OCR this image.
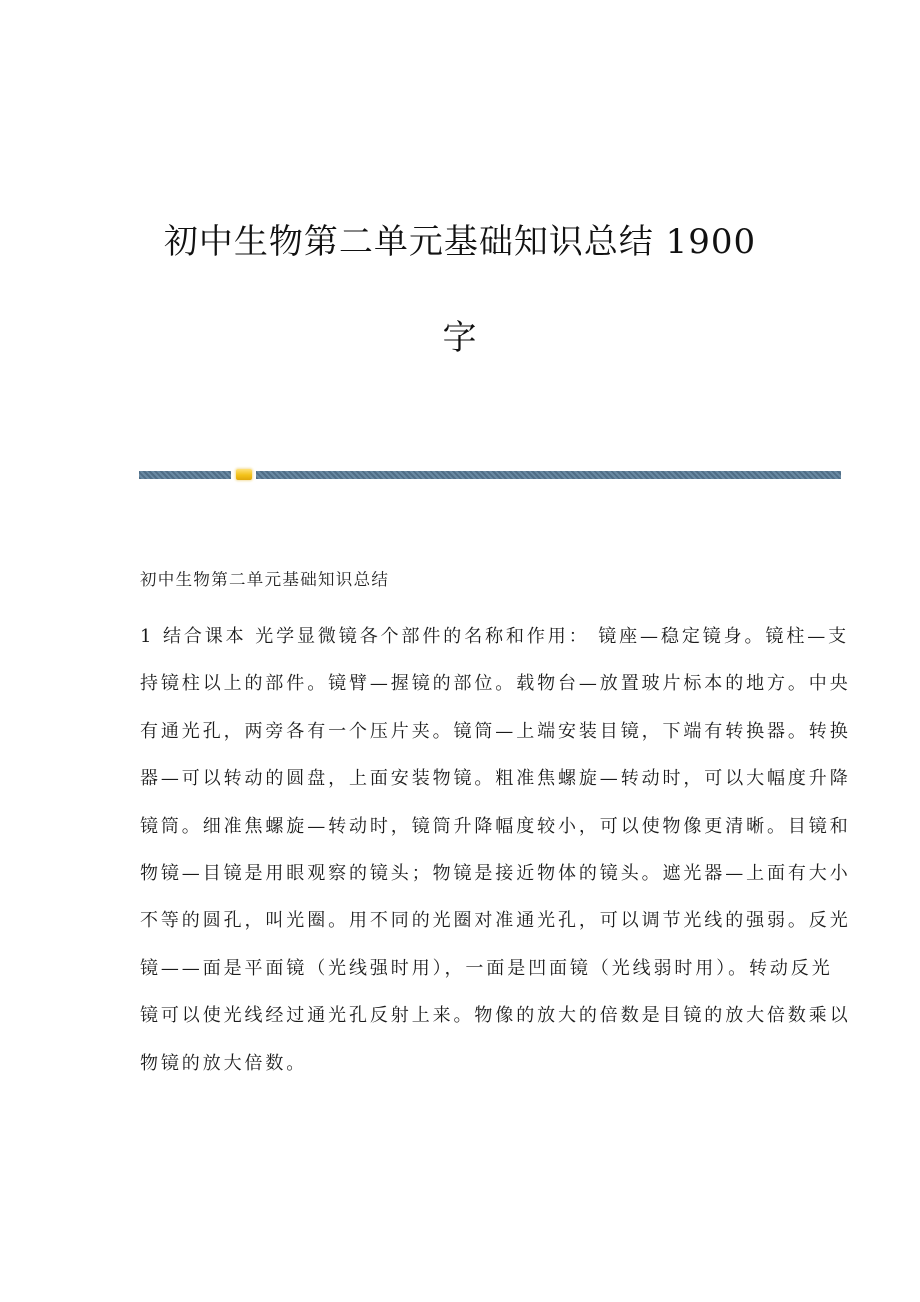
初中生物第二单元基础知识总结 1900
字
初中生物第二单元基础知识总结
1 结合课本 光学显微镜各个部件的名称和作用： 镜座—稳定镜身。镜柱—支
持镜柱以上的部件。镜臂—握镜的部位。载物台—放置玻片标本的地方。中央
有通光孔，两旁各有一个压片夹。镜筒—上端安装目镜，下端有转换器。转换
器—可以转动的圆盘，上面安装物镜。粗准焦螺旋—转动时，可以大幅度升降
镜筒。细准焦螺旋—转动时，镜筒升降幅度较小，可以使物像更清晰。目镜和
物镜—目镜是用眼观察的镜头；物镜是接近物体的镜头。遮光器—上面有大小
不等的圆孔，叫光圈。用不同的光圈对准通光孔，可以调节光线的强弱。反光
镜——面是平面镜（光线强时用），一面是凹面镜（光线弱时用）。转动反光
镜可以使光线经过通光孔反射上来。物像的放大的倍数是目镜的放大倍数乘以
物镜的放大倍数。
